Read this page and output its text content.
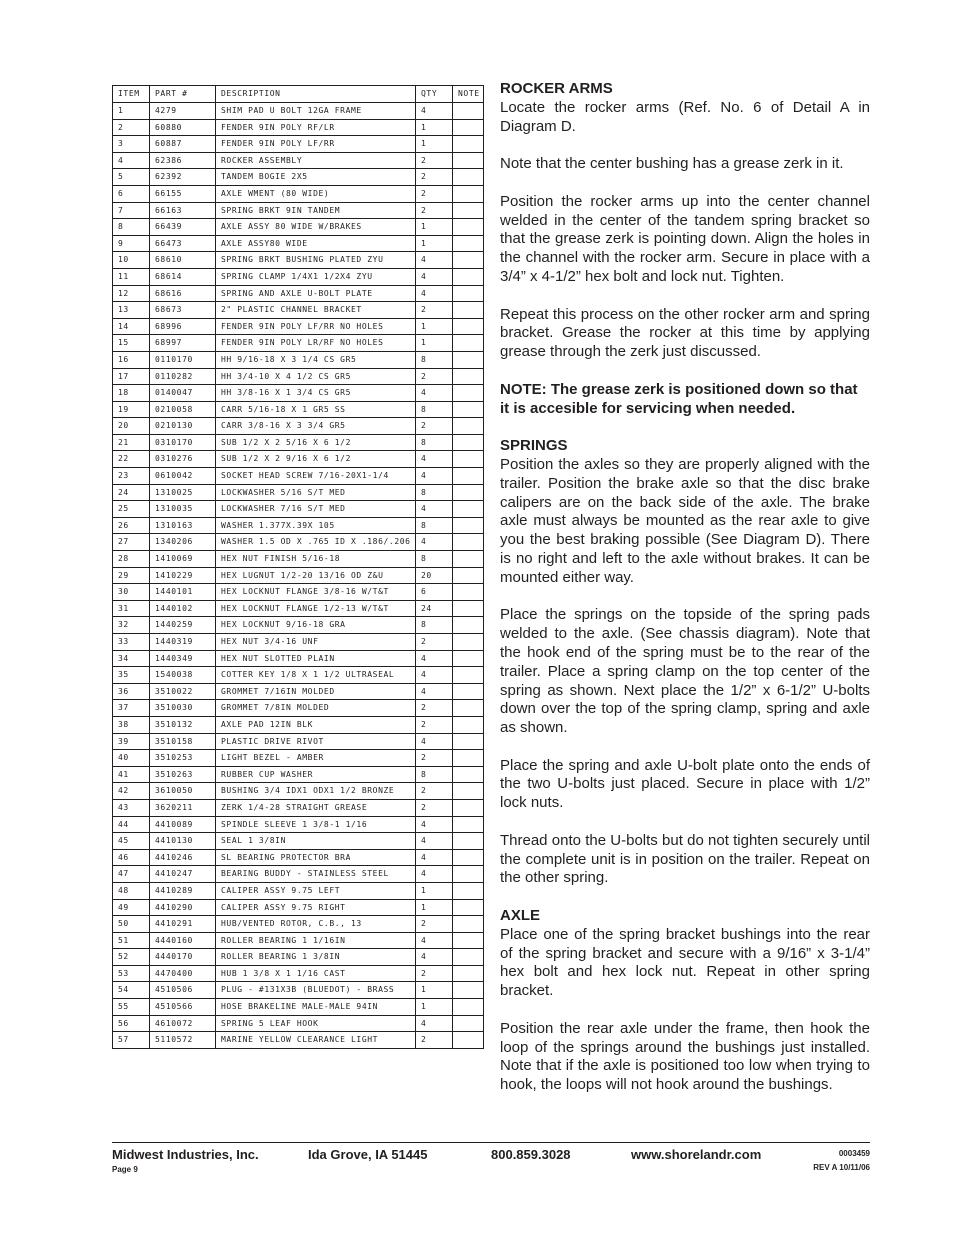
ITEM	PART #	DESCRIPTION	QTY	NOTE
1	4279	SHIM PAD U BOLT 12GA FRAME	4	
2	60880	FENDER 9IN POLY RF/LR	1	
3	60887	FENDER 9IN POLY LF/RR	1	
4	62386	ROCKER ASSEMBLY	2	
5	62392	TANDEM BOGIE 2X5	2	
6	66155	AXLE WMENT (80 WIDE)	2	
7	66163	SPRING BRKT 9IN TANDEM	2	
8	66439	AXLE ASSY 80 WIDE W/BRAKES	1	
9	66473	AXLE ASSY80 WIDE	1	
10	68610	SPRING BRKT BUSHING PLATED ZYU	4	
11	68614	SPRING CLAMP 1/4X1 1/2X4 ZYU	4	
12	68616	SPRING AND AXLE U-BOLT PLATE	4	
13	68673	2" PLASTIC CHANNEL BRACKET	2	
14	68996	FENDER 9IN POLY LF/RR NO HOLES	1	
15	68997	FENDER 9IN POLY LR/RF NO HOLES	1	
16	0110170	HH 9/16-18 X 3 1/4 CS GR5	8	
17	0110282	HH 3/4-10 X 4 1/2 CS GR5	2	
18	0140047	HH 3/8-16 X 1 3/4 CS GR5	4	
19	0210058	CARR 5/16-18 X 1 GR5 SS	8	
20	0210130	CARR 3/8-16 X 3 3/4 GR5	2	
21	0310170	SUB 1/2 X 2 5/16 X 6 1/2	8	
22	0310276	SUB 1/2 X 2 9/16 X 6 1/2	4	
23	0610042	SOCKET HEAD SCREW 7/16-20X1-1/4	4	
24	1310025	LOCKWASHER 5/16 S/T MED	8	
25	1310035	LOCKWASHER 7/16 S/T MED	4	
26	1310163	WASHER 1.377X.39X 105	8	
27	1340206	WASHER 1.5 OD X .765 ID X .186/.206	4	
28	1410069	HEX NUT FINISH 5/16-18	8	
29	1410229	HEX LUGNUT 1/2-20 13/16 OD Z&U	20	
30	1440101	HEX LOCKNUT FLANGE 3/8-16 W/T&T	6	
31	1440102	HEX LOCKNUT FLANGE 1/2-13 W/T&T	24	
32	1440259	HEX LOCKNUT 9/16-18 GRA	8	
33	1440319	HEX NUT 3/4-16 UNF	2	
34	1440349	HEX NUT SLOTTED PLAIN	4	
35	1540038	COTTER KEY 1/8 X 1 1/2 ULTRASEAL	4	
36	3510022	GROMMET 7/16IN MOLDED	4	
37	3510030	GROMMET 7/8IN MOLDED	2	
38	3510132	AXLE PAD 12IN BLK	2	
39	3510158	PLASTIC DRIVE RIVOT	4	
40	3510253	LIGHT BEZEL - AMBER	2	
41	3510263	RUBBER CUP WASHER	8	
42	3610050	BUSHING 3/4 IDX1 ODX1 1/2 BRONZE	2	
43	3620211	ZERK 1/4-28 STRAIGHT GREASE	2	
44	4410089	SPINDLE SLEEVE 1 3/8-1 1/16	4	
45	4410130	SEAL 1 3/8IN	4	
46	4410246	SL BEARING PROTECTOR BRA	4	
47	4410247	BEARING BUDDY - STAINLESS STEEL	4	
48	4410289	CALIPER ASSY 9.75 LEFT	1	
49	4410290	CALIPER ASSY 9.75 RIGHT	1	
50	4410291	HUB/VENTED ROTOR, C.B., 13	2	
51	4440160	ROLLER BEARING 1 1/16IN	4	
52	4440170	ROLLER BEARING 1 3/8IN	4	
53	4470400	HUB 1 3/8 X 1 1/16 CAST	2	
54	4510506	PLUG - #131X3B (BLUEDOT) - BRASS	1	
55	4510566	HOSE BRAKELINE MALE-MALE 94IN	1	
56	4610072	SPRING 5 LEAF HOOK	4	
57	5110572	MARINE YELLOW CLEARANCE LIGHT	2	
ROCKER ARMS

Locate the rocker arms (Ref. No. 6 of Detail A in Diagram D.

Note that the center bushing has a grease zerk in it.

Position the rocker arms up into the center channel welded in the center of the tandem spring bracket so that the grease zerk is pointing down. Align the holes in the channel with the rocker arm. Secure in place with a 3/4” x 4-1/2” hex bolt and lock nut. Tighten.

Repeat this process on the other rocker arm and spring bracket. Grease the rocker at this time by applying grease through the zerk just discussed.

NOTE: The grease zerk is positioned down so that it is accesible for servicing when needed.

SPRINGS

Position the axles so they are properly aligned with the trailer. Position the brake axle so that the disc brake calipers are on the back side of the axle. The brake axle must always be mounted as the rear axle to give you the best braking possible (See Diagram D). There is no right and left to the axle without brakes. It can be mounted either way.

Place the springs on the topside of the spring pads welded to the axle. (See chassis diagram). Note that the hook end of the spring must be to the rear of the trailer. Place a spring clamp on the top center of the spring as shown. Next place the 1/2” x 6-1/2” U-bolts down over the top of the spring clamp, spring and axle as shown.

Place the spring and axle U-bolt plate onto the ends of the two U-bolts just placed. Secure in place with 1/2” lock nuts.

Thread onto the U-bolts but do not tighten securely until the complete unit is in position on the trailer. Repeat on the other spring.

AXLE

Place one of the spring bracket bushings into the rear of the spring bracket and secure with a 9/16” x 3-1/4” hex bolt and hex lock nut. Repeat in other spring bracket.

Position the rear axle under the frame, then hook the loop of the springs around the bushings just installed. Note that if the axle is positioned too low when trying to hook, the loops will not hook around the bushings.

Midwest Industries, Inc.	Ida Grove, IA 51445	800.859.3028	www.shorelandr.com	0003459
Page 9	REV A 10/11/06
